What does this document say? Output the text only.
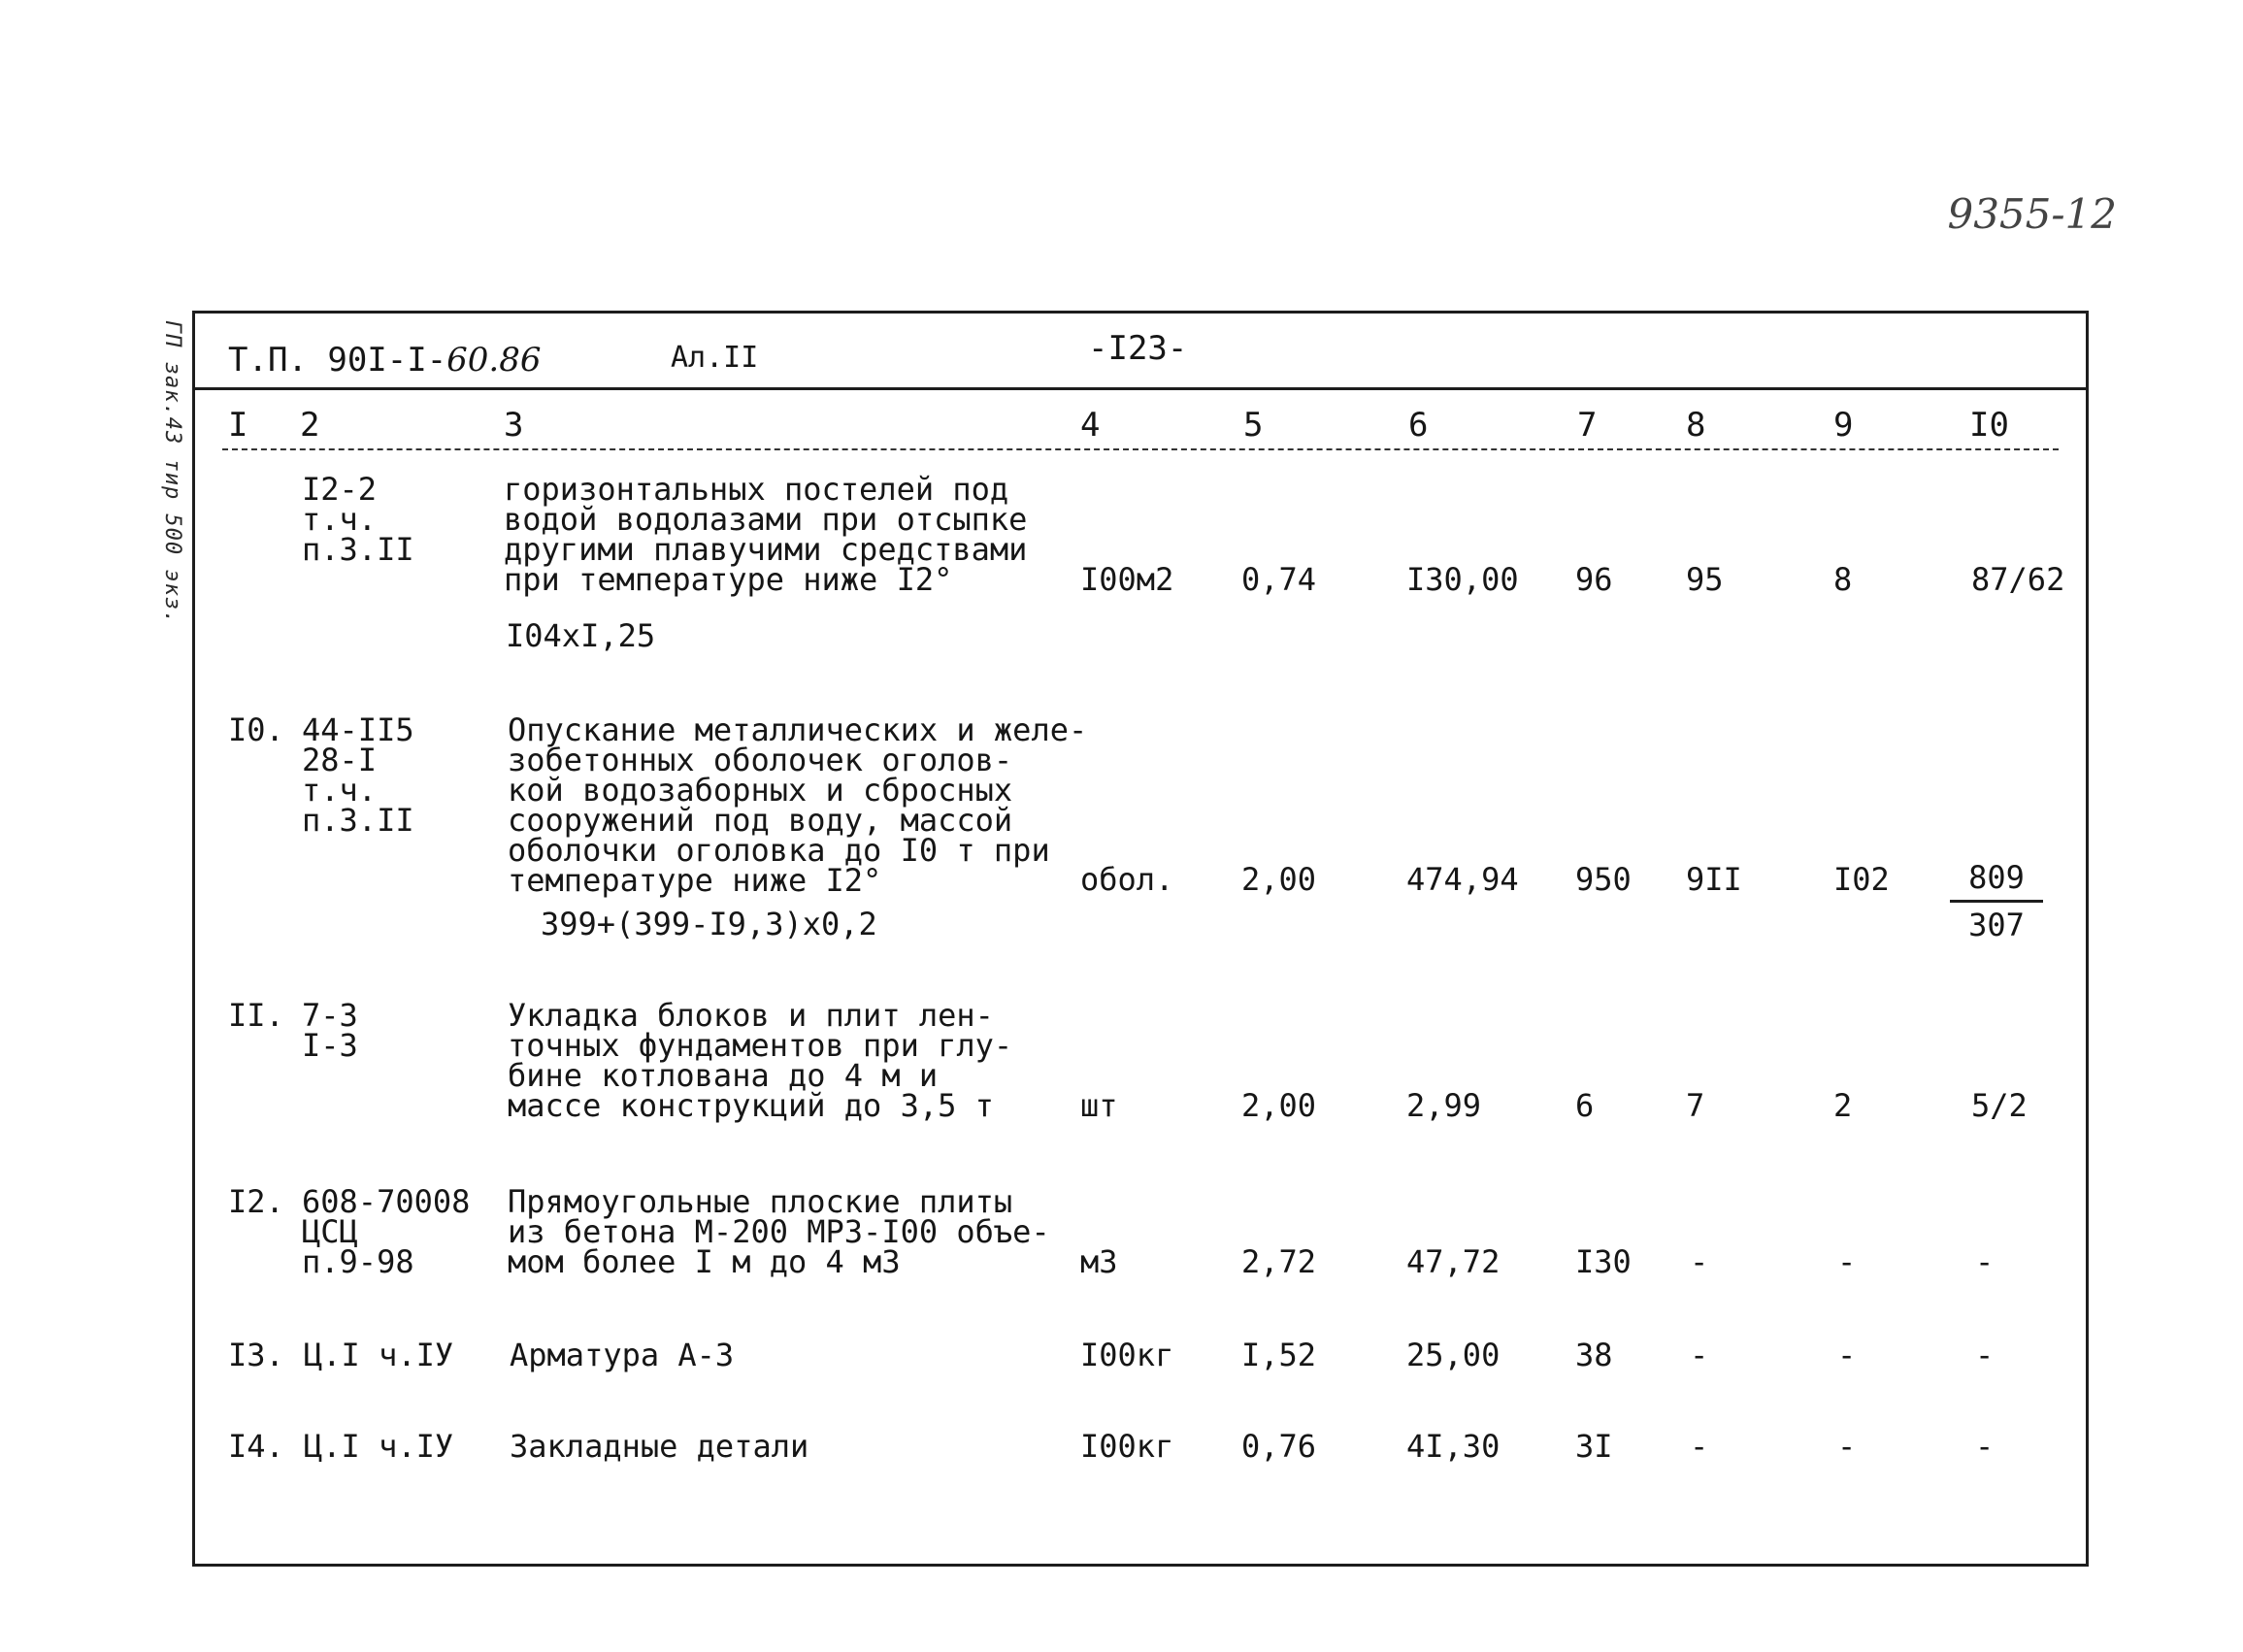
ГП зак.43 тир 500 экз.
9355-12
Т.П. 90I-I-60.86	Ал.II	-I23-
I 2	3	4	5	6	7	8	9	I0
I2-2
т.ч.
п.3.II
горизонтальных постелей под
водой водолазами при отсыпке
другими плавучими средствами
при температуре ниже I2°
I04xI,25
I00м2 0,74	I30,00 96 95	8	87/62
I0. 44-II5
28-I
т.ч.
п.3.II
Опускание металлических и желе-
зобетонных оболочек оголов-
кой водозаборных и сбросных
сооружений под воду, массой
оболочки оголовка до I0 т при
температуре ниже I2°
399+(399-I9,3)x0,2
обол. 2,00	474,94 950 9II	$I02 \frac{809}{307}$
II. 7-3
I-3
Укладка блоков и плит лен-
точных фундаментов при глу-
бине котлована до 4 м и
массе конструкций до 3,5 т	шт	2,00	2,99	6	7	2	5/2
I2. 608-70008
ЦСЦ
п.9-98
Прямоугольные плоские плиты
из бетона М-200 МРЗ-I00 объе-
мом более I м до 4 м3	м3	2,72	47,72 I30 -	-	-
I3. Ц.I ч.IУ Арматура А-3	I00кг I,52	25,00 38 -	-	-
I4. Ц.I ч.IУ Закладные детали	I00кг 0,76	4I,30 3I -	-	-
